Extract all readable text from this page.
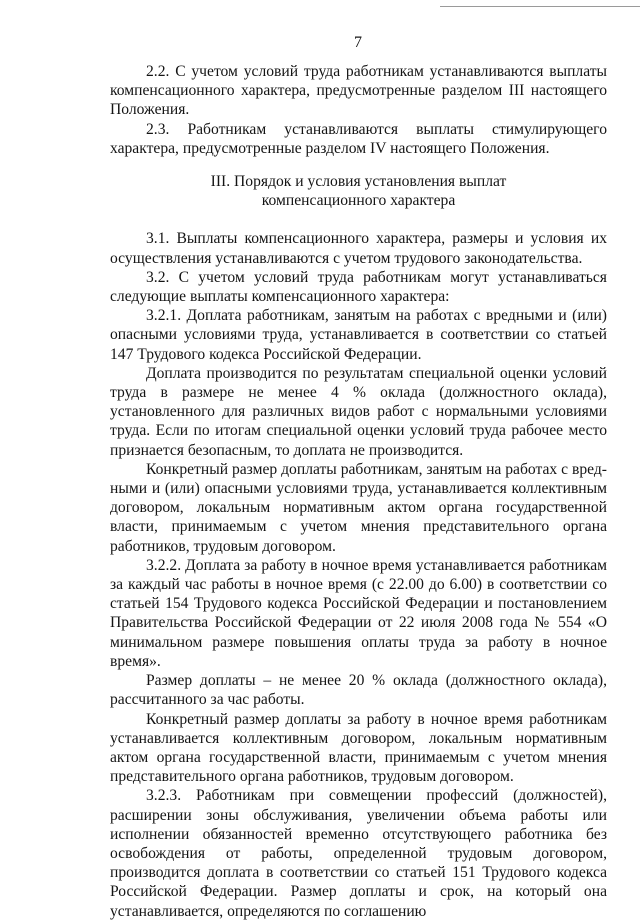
7

2.2. С учетом условий труда работникам устанавливаются выплаты компенсационного характера, предусмотренные разделом III настоящего Положения.

2.3. Работникам устанавливаются выплаты стимулирующего характера, предусмотренные разделом IV настоящего Положения.

III. Порядок и условия установления выплат
компенсационного характера

3.1. Выплаты компенсационного характера, размеры и условия их осуществления устанавливаются с учетом трудового законодательства.

3.2. С учетом условий труда работникам могут устанавливаться следующие выплаты компенсационного характера:

3.2.1. Доплата работникам, занятым на работах с вредными и (или) опасными условиями труда, устанавливается в соответствии со статьей 147 Трудового кодекса Российской Федерации.

Доплата производится по результатам специальной оценки условий труда в размере не менее 4 % оклада (должностного оклада), установленного для различных видов работ с нормальными условиями труда. Если по итогам специальной оценки условий труда рабочее место признается безопасным, то доплата не производится.

Конкретный размер доплаты работникам, занятым на работах с вредными и (или) опасными условиями труда, устанавливается коллективным договором, локальным нормативным актом органа государственной власти, принимаемым с учетом мнения представительного органа работников, трудовым договором.

3.2.2. Доплата за работу в ночное время устанавливается работникам за каждый час работы в ночное время (с 22.00 до 6.00) в соответствии со статьей 154 Трудового кодекса Российской Федерации и постановлением Правительства Российской Федерации от 22 июля 2008 года № 554 «О минимальном размере повышения оплаты труда за работу в ночное время».

Размер доплаты – не менее 20 % оклада (должностного оклада), рассчитанного за час работы.

Конкретный размер доплаты за работу в ночное время работникам устанавливается коллективным договором, локальным нормативным актом органа государственной власти, принимаемым с учетом мнения представительного органа работников, трудовым договором.

3.2.3. Работникам при совмещении профессий (должностей), расширении зоны обслуживания, увеличении объема работы или исполнении обязанностей временно отсутствующего работника без освобождения от работы, определенной трудовым договором, производится доплата в соответствии со статьей 151 Трудового кодекса Российской Федерации. Размер доплаты и срок, на который она устанавливается, определяются по соглашению
